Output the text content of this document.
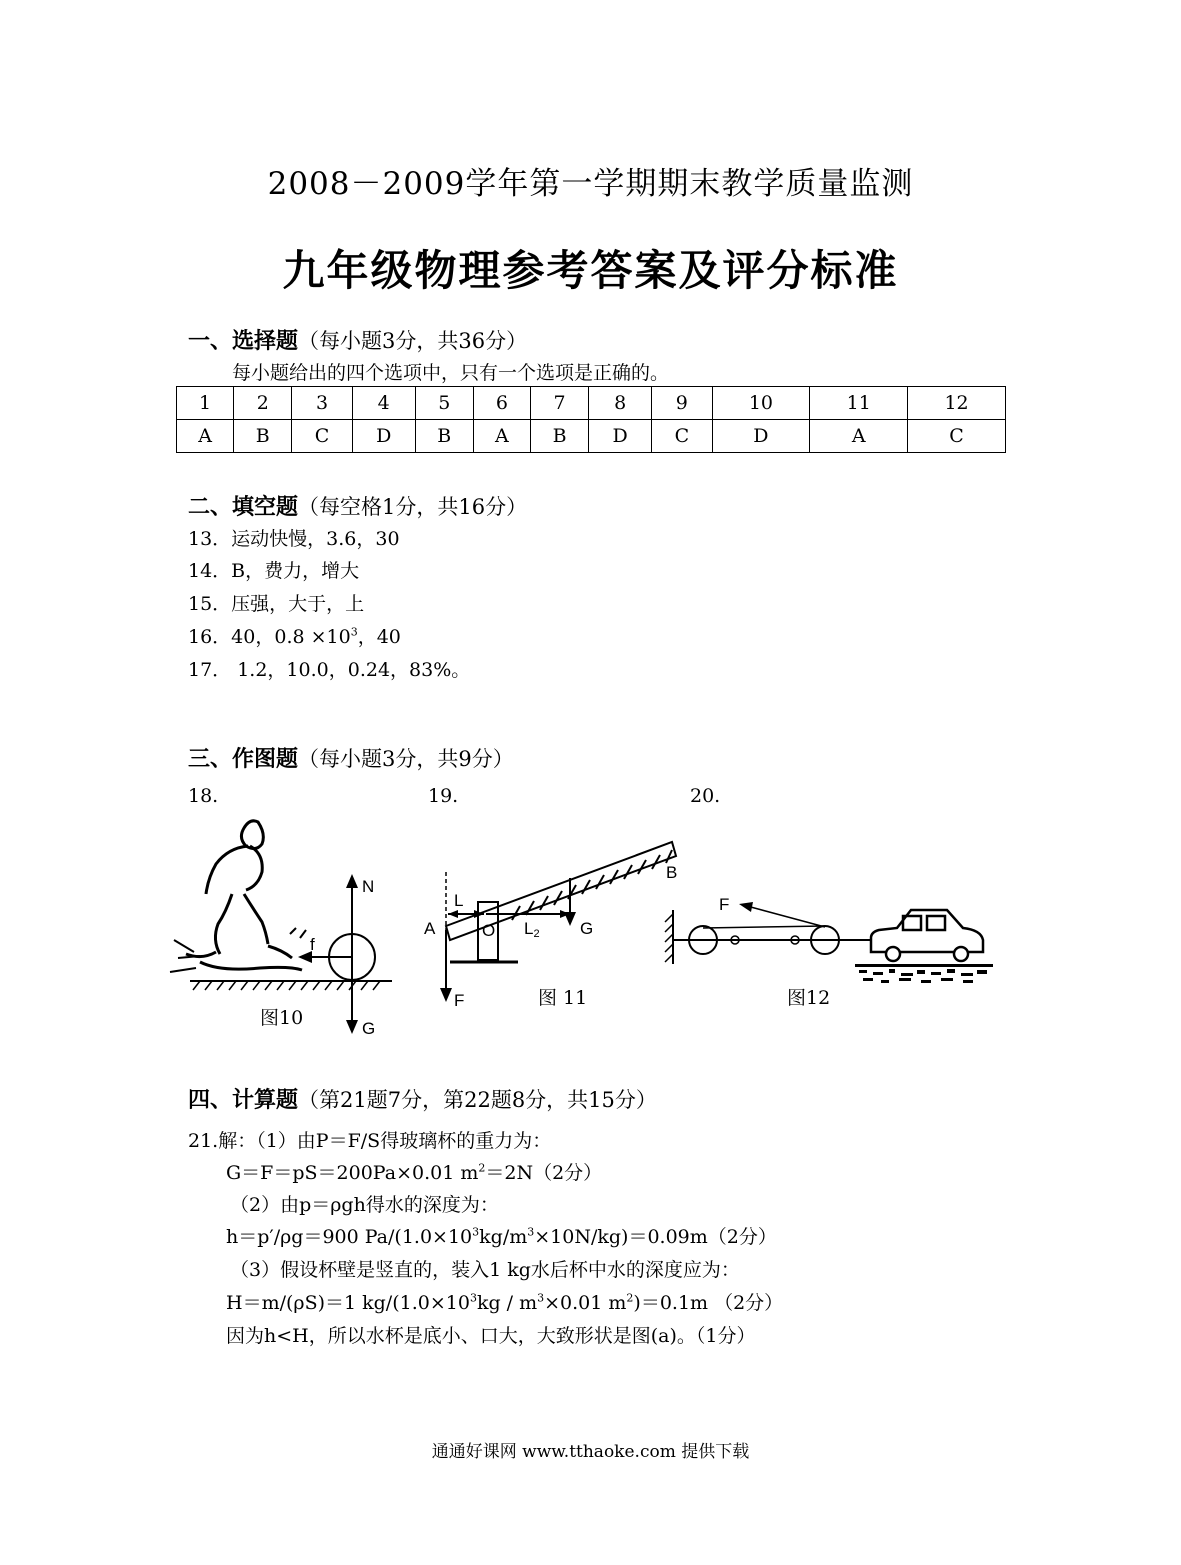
2008－2009学年第一学期期末教学质量监测
九年级物理参考答案及评分标准
一、选择题（每小题3分，共36分）
每小题给出的四个选项中，只有一个选项是正确的。
1	2	3	4	5	6	7	8	9	10	11	12
A	B	C	D	B	A	B	D	C	D	A	C
二、填空题（每空格1分，共16分）
13．运动快慢，3.6，30
14．B，费力，增大
15．压强，大于，上
16．40，$0.8 \times 10^3$，40
17． 1.2，10.0，0.24，83%。
三、作图题（每小题3分，共9分）
18.	19.	20.
N
f
G
图10
A
B
O
L
L2 G
F	图 11
F
图12
四、计算题（第21题7分，第22题8分，共15分）
21.解：（1）由P＝F/S得玻璃杯的重力为：
G＝F＝pS＝200Pa×0.01 $m^2=2N(2$分）
（2）由p＝ρgh得水的深度为：
h＝p′/ρg＝900 $Pa/(1.0\times 10^3kg/m^3\times 10N/kg)=0.09m(2$分）
（3）假设杯壁是竖直的，装入1 kg水后杯中水的深度应为：
H＝m/(ρS)＝1 $kg/(1.0\times 10^3kg / m^3\times 0.01$ $m^2)=0.1m$ （2分）
因为h<H，所以水杯是底小、口大，大致形状是图(a)。（1分）
通通好课网 www.tthaoke.com 提供下载
